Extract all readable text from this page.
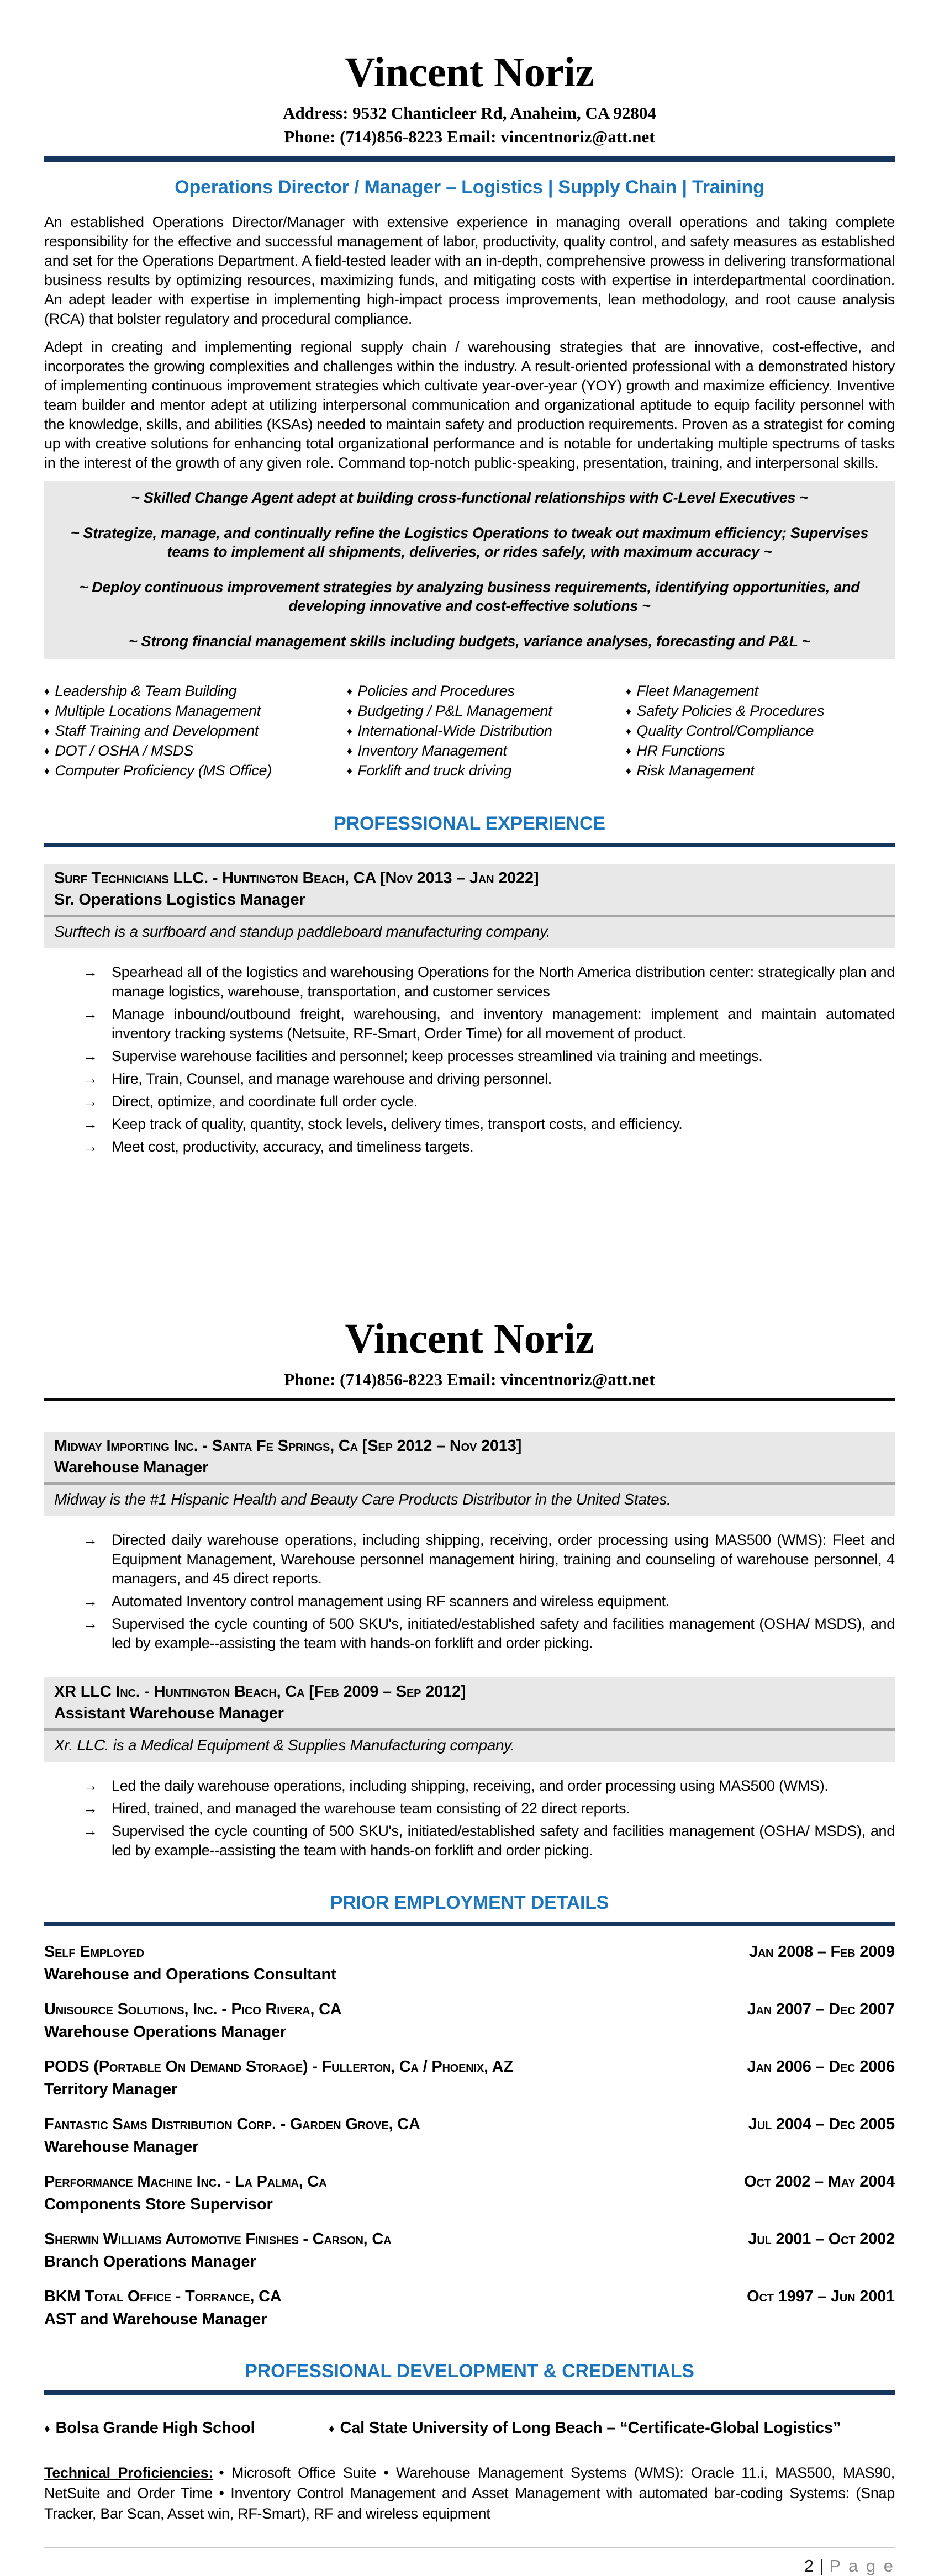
Vincent Noriz
Address: 9532 Chanticleer Rd, Anaheim, CA 92804
Phone: (714)856-8223 Email: vincentnoriz@att.net
Operations Director / Manager – Logistics | Supply Chain | Training
An established Operations Director/Manager with extensive experience in managing overall operations and taking complete responsibility for the effective and successful management of labor, productivity, quality control, and safety measures as established and set for the Operations Department. A field-tested leader with an in-depth, comprehensive prowess in delivering transformational business results by optimizing resources, maximizing funds, and mitigating costs with expertise in interdepartmental coordination. An adept leader with expertise in implementing high-impact process improvements, lean methodology, and root cause analysis (RCA) that bolster regulatory and procedural compliance.
Adept in creating and implementing regional supply chain / warehousing strategies that are innovative, cost-effective, and incorporates the growing complexities and challenges within the industry. A result-oriented professional with a demonstrated history of implementing continuous improvement strategies which cultivate year-over-year (YOY) growth and maximize efficiency. Inventive team builder and mentor adept at utilizing interpersonal communication and organizational aptitude to equip facility personnel with the knowledge, skills, and abilities (KSAs) needed to maintain safety and production requirements. Proven as a strategist for coming up with creative solutions for enhancing total organizational performance and is notable for undertaking multiple spectrums of tasks in the interest of the growth of any given role. Command top-notch public-speaking, presentation, training, and interpersonal skills.

~ Skilled Change Agent adept at building cross-functional relationships with C-Level Executives ~

~ Strategize, manage, and continually refine the Logistics Operations to tweak out maximum efficiency; Supervises teams to implement all shipments, deliveries, or rides safely, with maximum accuracy ~

~ Deploy continuous improvement strategies by analyzing business requirements, identifying opportunities, and developing innovative and cost-effective solutions ~

~ Strong financial management skills including budgets, variance analyses, forecasting and P&L ~

♦ Leadership & Team Building
♦ Multiple Locations Management
♦ Staff Training and Development
♦ DOT / OSHA / MSDS
♦ Computer Proficiency (MS Office)
♦ Policies and Procedures
♦ Budgeting / P&L Management
♦ International-Wide Distribution
♦ Inventory Management
♦ Forklift and truck driving
♦ Fleet Management
♦ Safety Policies & Procedures
♦ Quality Control/Compliance
♦ HR Functions
♦ Risk Management
PROFESSIONAL EXPERIENCE
Surf Technicians LLC. - Huntington Beach, CA [Nov 2013 – Jan 2022]
Sr. Operations Logistics Manager
Surftech is a surfboard and standup paddleboard manufacturing company.
→ Spearhead all of the logistics and warehousing Operations for the North America distribution center: strategically plan and manage logistics, warehouse, transportation, and customer services
→ Manage inbound/outbound freight, warehousing, and inventory management: implement and maintain automated inventory tracking systems (Netsuite, RF-Smart, Order Time) for all movement of product.
→ Supervise warehouse facilities and personnel; keep processes streamlined via training and meetings.
→ Hire, Train, Counsel, and manage warehouse and driving personnel.
→ Direct, optimize, and coordinate full order cycle.
→ Keep track of quality, quantity, stock levels, delivery times, transport costs, and efficiency.
→ Meet cost, productivity, accuracy, and timeliness targets.
Vincent Noriz
Phone: (714)856-8223 Email: vincentnoriz@att.net
Midway Importing Inc. - Santa Fe Springs, Ca [Sep 2012 – Nov 2013]
Warehouse Manager
Midway is the #1 Hispanic Health and Beauty Care Products Distributor in the United States.
→ Directed daily warehouse operations, including shipping, receiving, order processing using MAS500 (WMS): Fleet and Equipment Management, Warehouse personnel management hiring, training and counseling of warehouse personnel, 4 managers, and 45 direct reports.
→ Automated Inventory control management using RF scanners and wireless equipment.
→ Supervised the cycle counting of 500 SKU's, initiated/established safety and facilities management (OSHA/ MSDS), and led by example--assisting the team with hands-on forklift and order picking.
XR LLC Inc. - Huntington Beach, Ca [Feb 2009 – Sep 2012]
Assistant Warehouse Manager
Xr. LLC. is a Medical Equipment & Supplies Manufacturing company.
→ Led the daily warehouse operations, including shipping, receiving, and order processing using MAS500 (WMS).
→ Hired, trained, and managed the warehouse team consisting of 22 direct reports.
→ Supervised the cycle counting of 500 SKU's, initiated/established safety and facilities management (OSHA/ MSDS), and led by example--assisting the team with hands-on forklift and order picking.
PRIOR EMPLOYMENT DETAILS
Self Employed
Warehouse and Operations Consultant
Jan 2008 – Feb 2009
Unisource Solutions, Inc. - Pico Rivera, CA
Warehouse Operations Manager
Jan 2007 – Dec 2007
PODS (Portable On Demand Storage) - Fullerton, Ca / Phoenix, AZ
Territory Manager
Jan 2006 – Dec 2006
Fantastic Sams Distribution Corp. - Garden Grove, CA
Warehouse Manager
Jul 2004 – Dec 2005
Performance Machine Inc. - La Palma, Ca
Components Store Supervisor
Oct 2002 – May 2004
Sherwin Williams Automotive Finishes - Carson, Ca
Branch Operations Manager
Jul 2001 – Oct 2002
BKM Total Office - Torrance, CA
AST and Warehouse Manager
Oct 1997 – Jun 2001
PROFESSIONAL DEVELOPMENT & CREDENTIALS
♦ Bolsa Grande High School	♦ Cal State University of Long Beach – “Certificate-Global Logistics”
Technical Proficiencies: • Microsoft Office Suite • Warehouse Management Systems (WMS): Oracle 11.i, MAS500, MAS90, NetSuite and Order Time • Inventory Control Management and Asset Management with automated bar-coding Systems: (Snap Tracker, Bar Scan, Asset win, RF-Smart), RF and wireless equipment
2 | P a g e
